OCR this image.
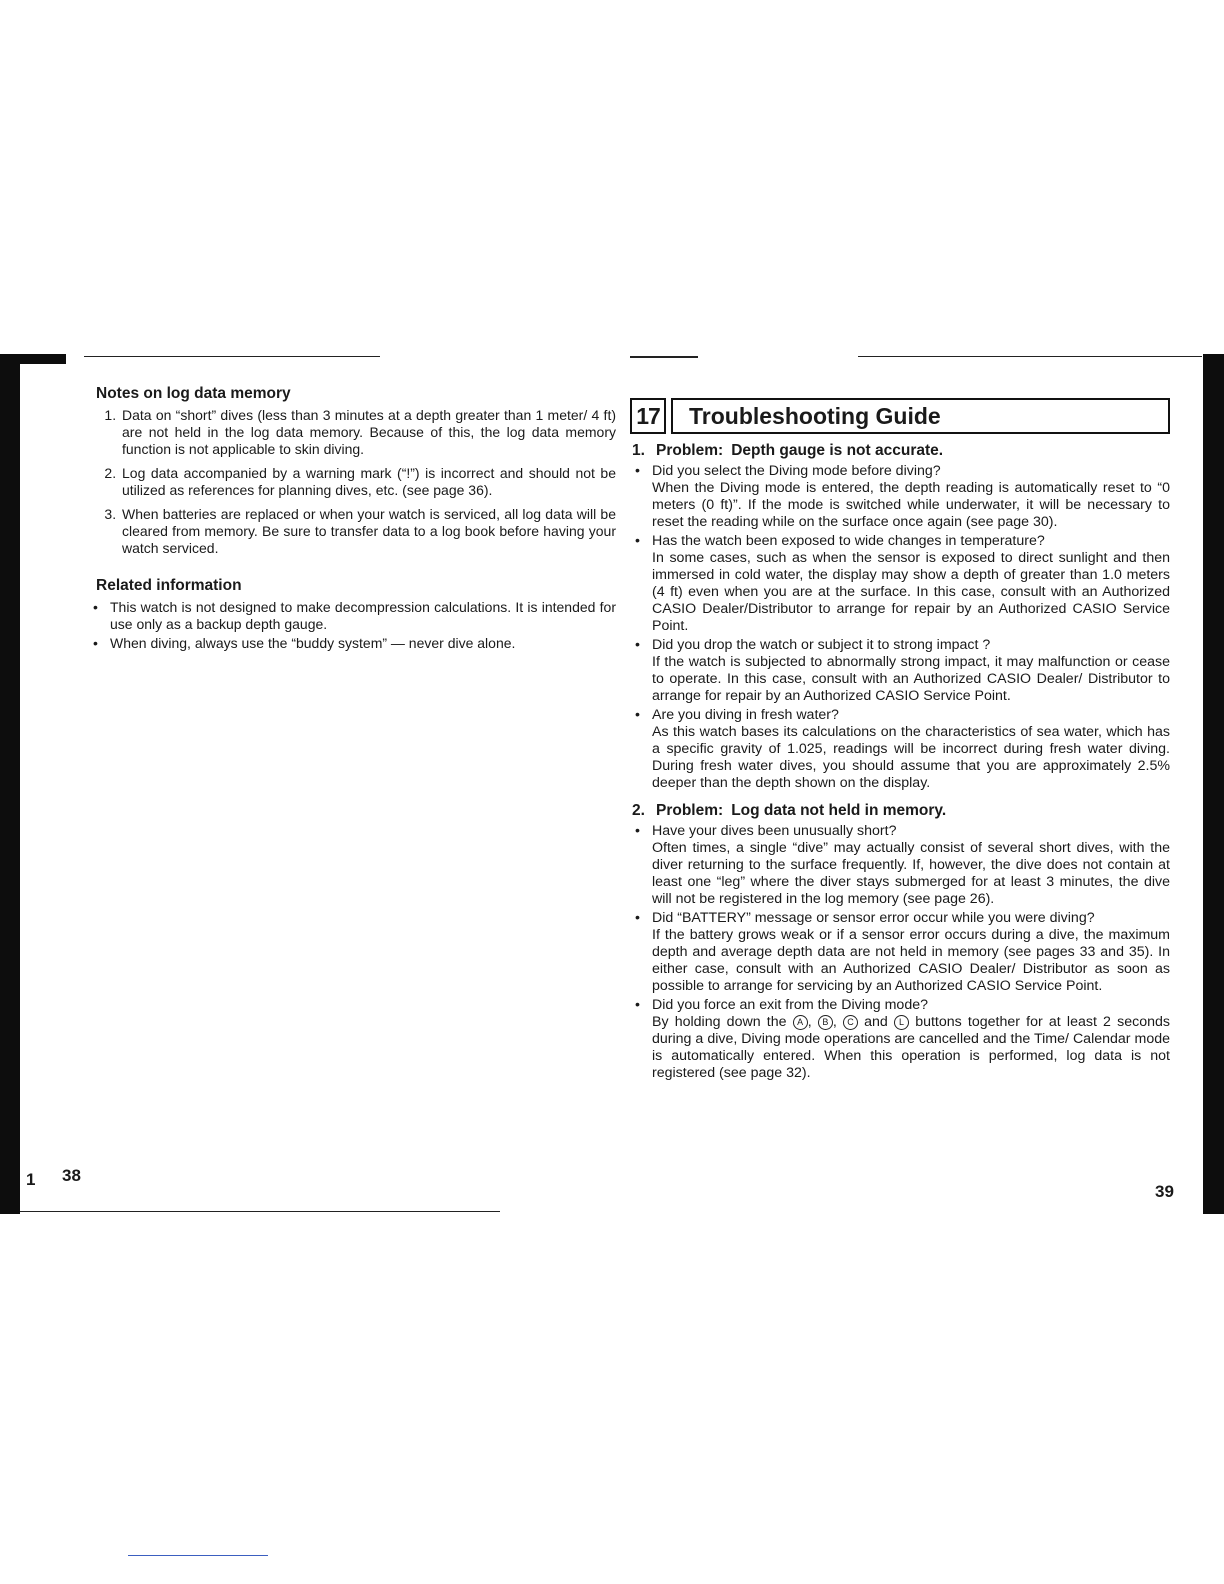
Notes on log data memory
1. Data on “short” dives (less than 3 minutes at a depth greater than 1 meter/ 4 ft) are not held in the log data memory. Because of this, the log data memory function is not applicable to skin diving.
2. Log data accompanied by a warning mark (“!”) is incorrect and should not be utilized as references for planning dives, etc. (see page 36).
3. When batteries are replaced or when your watch is serviced, all log data will be cleared from memory. Be sure to transfer data to a log book before having your watch serviced.
Related information
• This watch is not designed to make decompression calculations. It is intended for use only as a backup depth gauge.
• When diving, always use the “buddy system” — never dive alone.
1 38
17	Troubleshooting Guide
1. Problem: Depth gauge is not accurate.
• Did you select the Diving mode before diving?
When the Diving mode is entered, the depth reading is automatically reset to “0 meters (0 ft)”. If the mode is switched while underwater, it will be necessary to reset the reading while on the surface once again (see page 30).
• Has the watch been exposed to wide changes in temperature?
In some cases, such as when the sensor is exposed to direct sunlight and then immersed in cold water, the display may show a depth of greater than 1.0 meters (4 ft) even when you are at the surface. In this case, consult with an Authorized CASIO Dealer/Distributor to arrange for repair by an Authorized CASIO Service Point.
• Did you drop the watch or subject it to strong impact ?
If the watch is subjected to abnormally strong impact, it may malfunction or cease to operate. In this case, consult with an Authorized CASIO Dealer/ Distributor to arrange for repair by an Authorized CASIO Service Point.
• Are you diving in fresh water?
As this watch bases its calculations on the characteristics of sea water, which has a specific gravity of 1.025, readings will be incorrect during fresh water diving. During fresh water dives, you should assume that you are approximately 2.5% deeper than the depth shown on the display.
2. Problem: Log data not held in memory.
• Have your dives been unusually short?
Often times, a single “dive” may actually consist of several short dives, with the diver returning to the surface frequently. If, however, the dive does not contain at least one “leg” where the diver stays submerged for at least 3 minutes, the dive will not be registered in the log memory (see page 26).
• Did “BATTERY” message or sensor error occur while you were diving?
If the battery grows weak or if a sensor error occurs during a dive, the maximum depth and average depth data are not held in memory (see pages 33 and 35). In either case, consult with an Authorized CASIO Dealer/ Distributor as soon as possible to arrange for servicing by an Authorized CASIO Service Point.
• Did you force an exit from the Diving mode?
By holding down the A , B , C and L buttons together for at least 2 seconds during a dive, Diving mode operations are cancelled and the Time/ Calendar mode is automatically entered. When this operation is performed, log data is not registered (see page 32).
39
